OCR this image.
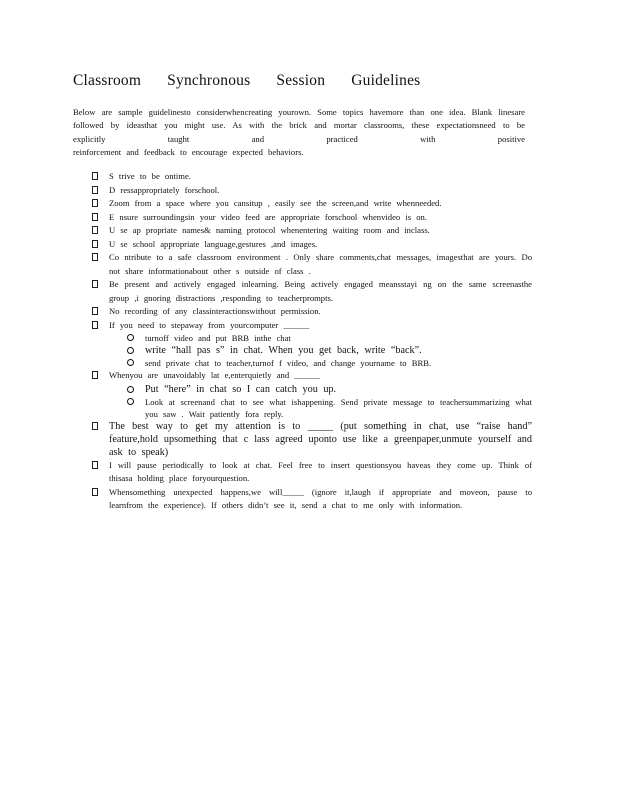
Classroom Synchronous Session Guidelines
Below are sample guidelinesto considerwhencreating yourown. Some topics havemore than one idea. Blank linesare followed by ideasthat you might use. As with the brick and mortar classrooms, these expectationsneed to be explicitly taught and practiced with positive
reinforcement and feedback to encourage expected behaviors.
S trive to be ontime.
D ressappropriately forschool.
Zoom from a space where you cansitup , easily see the screen,and write whenneeded.
E nsure surroundingsin your video feed are appropriate forschool whenvideo is on.
U se ap propriate names& naming protocol whenentering waiting room and inclass.
U se school appropriate language,gestures ,and images.
Co ntribute to a safe classroom environment . Only share comments,chat messages, imagesthat are yours. Do not share informationabout other s outside of class .
Be present and actively engaged inlearning. Being actively engaged meansstayi ng on the same screenasthe group ,i gnoring distractions ,responding to teacherprompts.
No recording of any classinteractionswithout permission.
If you need to stepaway from yourcomputer ______
turnoff video and put BRB inthe chat
write “hall pas s” in chat. When you get back, write “back”.
send private chat to teacher,turnof f video, and change yourname to BRB.
Whenyou are unavoidably lat e,enterquietly and ______
Put “here” in chat so I can catch you up.
Look at screenand chat to see what ishappening. Send private message to teachersummarizing what you saw . Wait patiently fora reply.
The best way to get my attention is to _____ (put something in chat, use “raise hand” feature,hold upsomething that c lass agreed uponto use like a greenpaper,unmute yourself and ask to speak)
I will pause periodically to look at chat. Feel free to insert questionsyou haveas they come up. Think of thisasa holding place foryourquestion.
Whensomething unexpected happens,we will_____ (ignore it,laugh if appropriate and moveon, pause to learnfrom the experience). If others didn’t see it, send a chat to me only with information.
